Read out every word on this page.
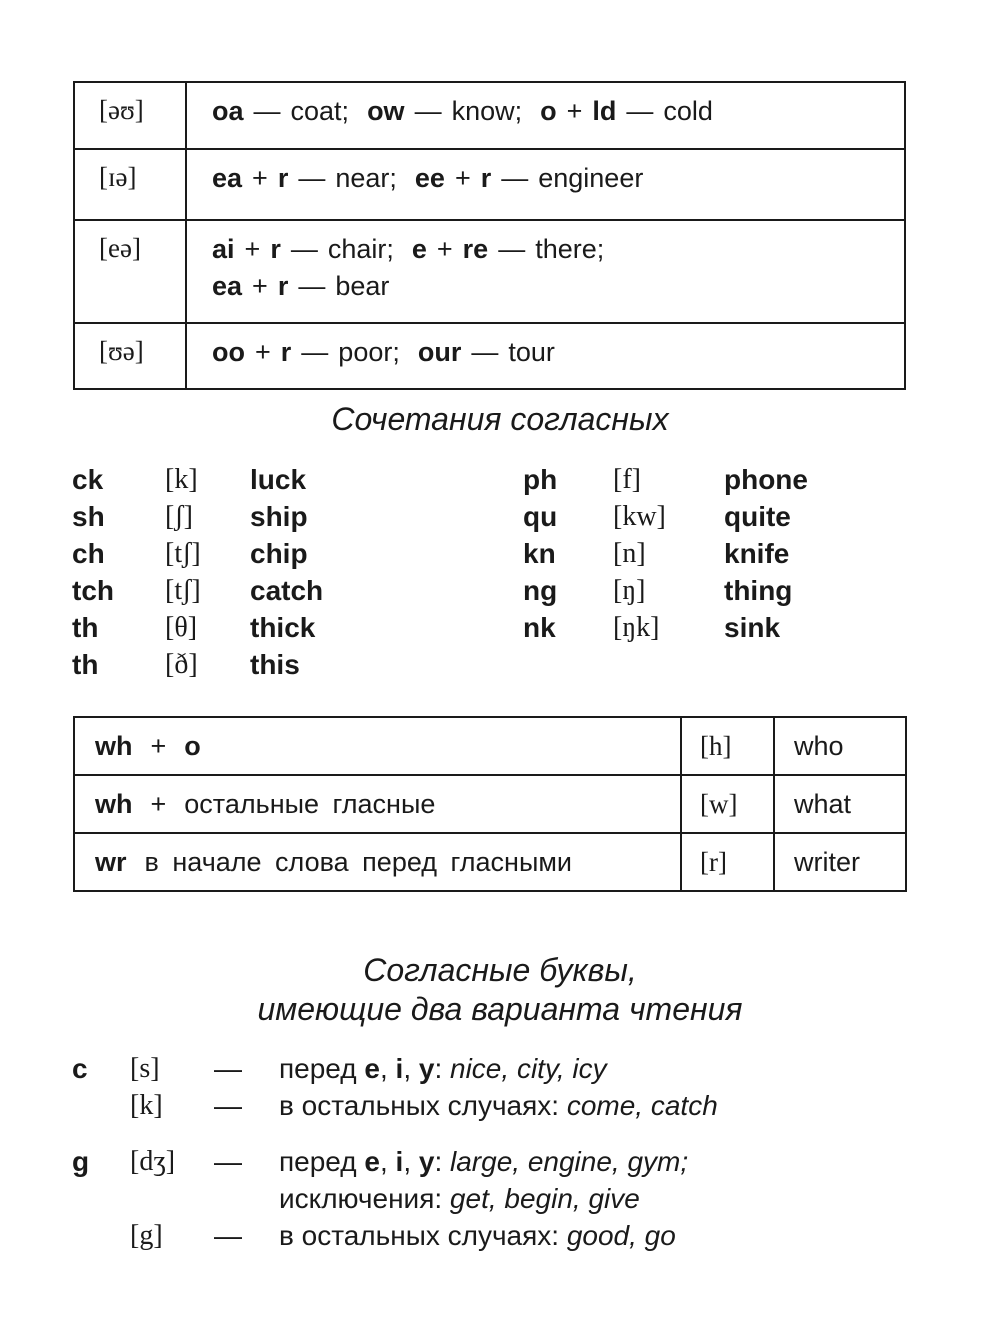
[əʊ]	oa — coat; ow — know; o + ld — cold

[ɪə]	ea + r — near; ee + r — engineer

[eə]	ai + r — chair; e + re — there;
ea + r — bear

[ʊə]	oo + r — poor; our — tour
Сочетания согласных
ck [k] luck
sh [ʃ] ship
ch [tʃ] chip
tch [tʃ] catch
th [θ] thick
th [ð] this
ph [f]	phone
qu [kw] quite
kn [n]	knife
ng [ŋ]	thing
nk [ŋk] sink
wh + o	[h]	who
wh + остальные гласные	[w]	what
wr в начале слова перед гласными	[r]	writer
Согласные буквы,
имеющие два варианта чтения
c [s] — перед e, i, y: nice, city, icy
[k] — в остальных случаях: come, catch
g [dʒ] — перед e, i, y: large, engine, gym;
исключения: get, begin, give
[g] — в остальных случаях: good, go
